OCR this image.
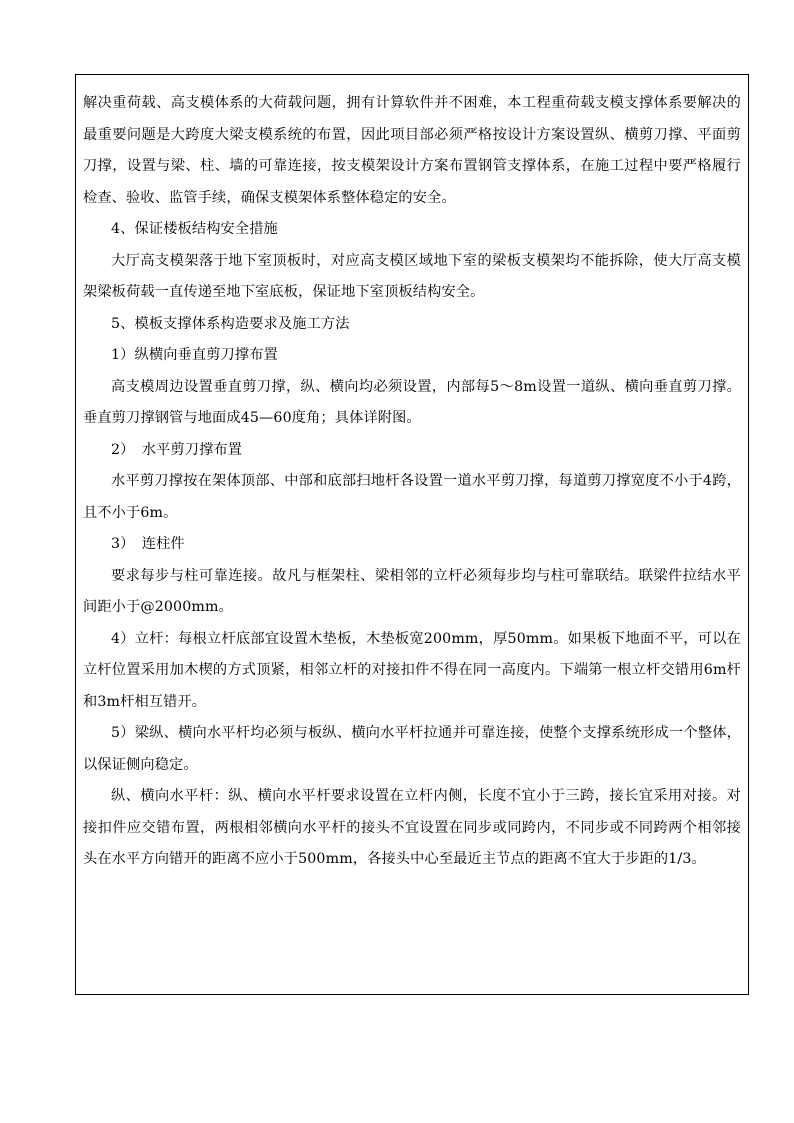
解决重荷载、高支模体系的大荷载问题，拥有计算软件并不困难，本工程重荷载支模支撑体系要解决的最重要问题是大跨度大梁支模系统的布置，因此项目部必须严格按设计方案设置纵、横剪刀撑、平面剪刀撑，设置与梁、柱、墙的可靠连接，按支模架设计方案布置钢管支撑体系，在施工过程中要严格履行检查、验收、监管手续，确保支模架体系整体稳定的安全。

4、保证楼板结构安全措施

大厅高支模架落于地下室顶板时，对应高支模区域地下室的梁板支模架均不能拆除，使大厅高支模架梁板荷载一直传递至地下室底板，保证地下室顶板结构安全。

5、模板支撑体系构造要求及施工方法

1）纵横向垂直剪刀撑布置

高支模周边设置垂直剪刀撑，纵、横向均必须设置，内部每5～8m设置一道纵、横向垂直剪刀撑。垂直剪刀撑钢管与地面成45—60度角；具体详附图。

2）　水平剪刀撑布置

水平剪刀撑按在架体顶部、中部和底部扫地杆各设置一道水平剪刀撑，每道剪刀撑宽度不小于4跨，且不小于6m。

3）　连柱件

要求每步与柱可靠连接。故凡与框架柱、梁相邻的立杆必须每步均与柱可靠联结。联梁件拉结水平间距小于@2000mm。

4）立杆：每根立杆底部宜设置木垫板，木垫板宽200mm，厚50mm。如果板下地面不平，可以在立杆位置采用加木楔的方式顶紧，相邻立杆的对接扣件不得在同一高度内。下端第一根立杆交错用6m杆和3m杆相互错开。

5）梁纵、横向水平杆均必须与板纵、横向水平杆拉通并可靠连接，使整个支撑系统形成一个整体，以保证侧向稳定。

纵、横向水平杆：纵、横向水平杆要求设置在立杆内侧，长度不宜小于三跨，接长宜采用对接。对接扣件应交错布置，两根相邻横向水平杆的接头不宜设置在同步或同跨内，不同步或不同跨两个相邻接头在水平方向错开的距离不应小于500mm，各接头中心至最近主节点的距离不宜大于步距的1/3。
